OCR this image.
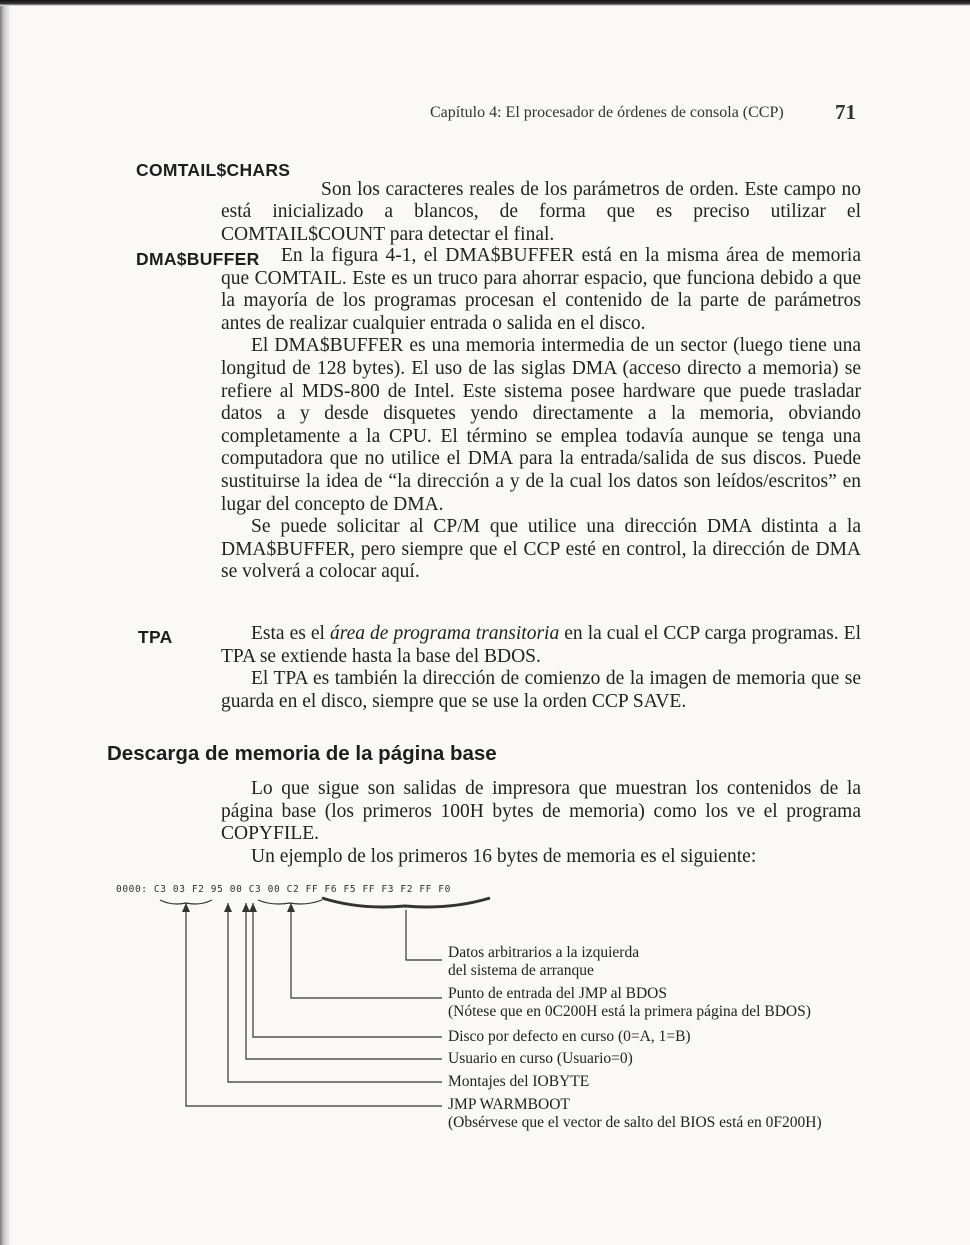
Capítulo 4: El procesador de órdenes de consola (CCP) 71
COMTAIL$CHARS
Son los caracteres reales de los parámetros de orden. Este campo no está inicializado a blancos, de forma que es preciso utilizar el COMTAIL$COUNT para detectar el final.
DMA$BUFFER	En la figura 4-1, el DMA$BUFFER está en la misma área de memoria que COMTAIL. Este es un truco para ahorrar espacio, que funciona debido a que la mayoría de los programas procesan el contenido de la parte de parámetros antes de realizar cualquier entrada o salida en el disco.
El DMA$BUFFER es una memoria intermedia de un sector (luego tiene una longitud de 128 bytes). El uso de las siglas DMA (acceso directo a memoria) se refiere al MDS-800 de Intel. Este sistema posee hardware que puede trasladar datos a y desde disquetes yendo directamente a la memoria, obviando completamente a la CPU. El término se emplea todavía aunque se tenga una computadora que no utilice el DMA para la entrada/salida de sus discos. Puede sustituirse la idea de “la dirección a y de la cual los datos son leídos/escritos” en lugar del concepto de DMA.
Se puede solicitar al CP/M que utilice una dirección DMA distinta a la DMA$BUFFER, pero siempre que el CCP esté en control, la dirección de DMA se volverá a colocar aquí.
TPA	Esta es el área de programa transitoria en la cual el CCP carga programas. El TPA se extiende hasta la base del BDOS.
El TPA es también la dirección de comienzo de la imagen de memoria que se guarda en el disco, siempre que se use la orden CCP SAVE.
Descarga de memoria de la página base
Lo que sigue son salidas de impresora que muestran los contenidos de la página base (los primeros 100H bytes de memoria) como los ve el programa COPYFILE.
Un ejemplo de los primeros 16 bytes de memoria es el siguiente:
0000: C3 03 F2 95 00 C3 00 C2 FF F6 F5 FF F3 F2 FF F0
Datos arbitrarios a la izquierda
del sistema de arranque
Punto de entrada del JMP al BDOS
(Nótese que en 0C200H está la primera página del BDOS)
Disco por defecto en curso (0=A, 1=B)
Usuario en curso (Usuario=0)
Montajes del IOBYTE
JMP WARMBOOT
(Obsérvese que el vector de salto del BIOS está en 0F200H)
